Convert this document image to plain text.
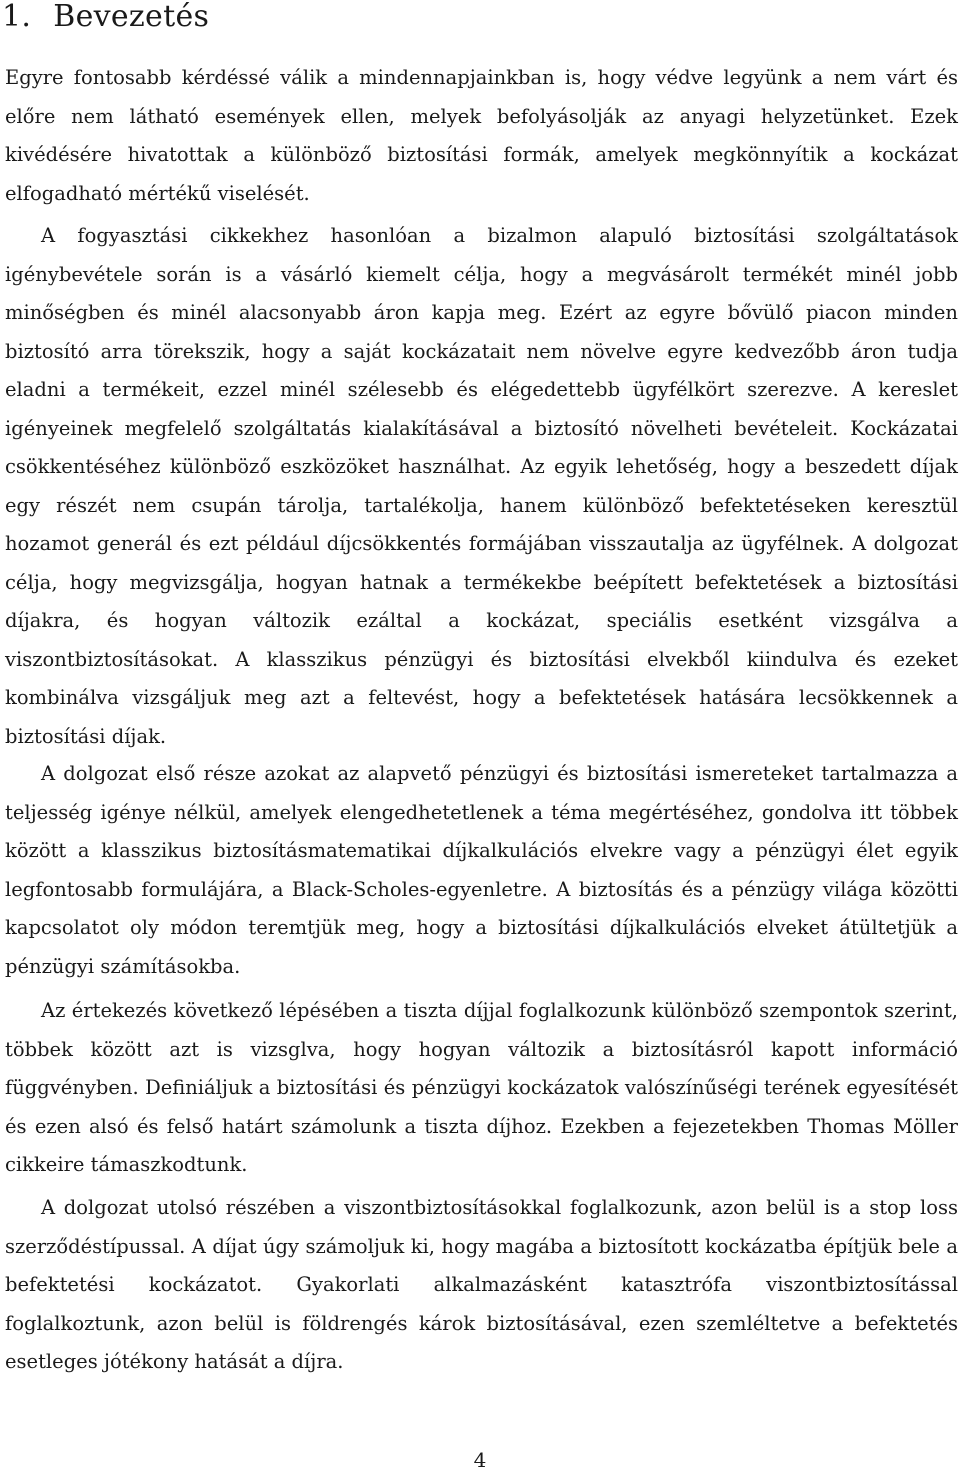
1. Bevezetés

Egyre fontosabb kérdéssé válik a mindennapjainkban is, hogy védve legyünk a nem várt és előre nem látható események ellen, melyek befolyásolják az anyagi helyzetünket. Ezek kivédésére hivatottak a különböző biztosítási formák, amelyek megkönnyítik a kockázat elfogadható mértékű viselését.

A fogyasztási cikkekhez hasonlóan a bizalmon alapuló biztosítási szolgáltatások igénybevétele során is a vásárló kiemelt célja, hogy a megvásárolt termékét minél jobb minőségben és minél alacsonyabb áron kapja meg. Ezért az egyre bővülő piacon minden biztosító arra törekszik, hogy a saját kockázatait nem növelve egyre kedvezőbb áron tudja eladni a termékeit, ezzel minél szélesebb és elégedettebb ügyfélkört szerezve. A kereslet igényeinek megfelelő szolgáltatás kialakításával a biztosító növelheti bevételeit. Kockázatai csökkentéséhez különböző eszközöket használhat. Az egyik lehetőség, hogy a beszedett díjak egy részét nem csupán tárolja, tartalékolja, hanem különböző befektetéseken keresztül hozamot generál és ezt például díjcsökkentés formájában visszautalja az ügyfélnek. A dolgozat célja, hogy megvizsgálja, hogyan hatnak a termékekbe beépített befektetések a biztosítási díjakra, és hogyan változik ezáltal a kockázat, speciális esetként vizsgálva a viszontbiztosításokat. A klasszikus pénzügyi és biztosítási elvekből kiindulva és ezeket kombinálva vizsgáljuk meg azt a feltevést, hogy a befektetések hatására lecsökkennek a biztosítási díjak.

A dolgozat első része azokat az alapvető pénzügyi és biztosítási ismereteket tartalmazza a teljesség igénye nélkül, amelyek elengedhetetlenek a téma megértéséhez, gondolva itt többek között a klasszikus biztosításmatematikai díjkalkulációs elvekre vagy a pénzügyi élet egyik legfontosabb formulájára, a Black-Scholes-egyenletre. A biztosítás és a pénzügy világa közötti kapcsolatot oly módon teremtjük meg, hogy a biztosítási díjkalkulációs elveket átültetjük a pénzügyi számításokba.

Az értekezés következő lépésében a tiszta díjjal foglalkozunk különböző szempontok szerint, többek között azt is vizsglva, hogy hogyan változik a biztosításról kapott információ függvényben. Definiáljuk a biztosítási és pénzügyi kockázatok valószínűségi terének egyesítését és ezen alsó és felső határt számolunk a tiszta díjhoz. Ezekben a fejezetekben Thomas Möller cikkeire támaszkodtunk.

A dolgozat utolsó részében a viszontbiztosításokkal foglalkozunk, azon belül is a stop loss szerződéstípussal. A díjat úgy számoljuk ki, hogy magába a biztosított kockázatba építjük bele a befektetési kockázatot. Gyakorlati alkalmazásként katasztrófa viszontbiztosítással foglalkoztunk, azon belül is földrengés károk biztosításával, ezen szemléltetve a befektetés esetleges jótékony hatását a díjra.

4
